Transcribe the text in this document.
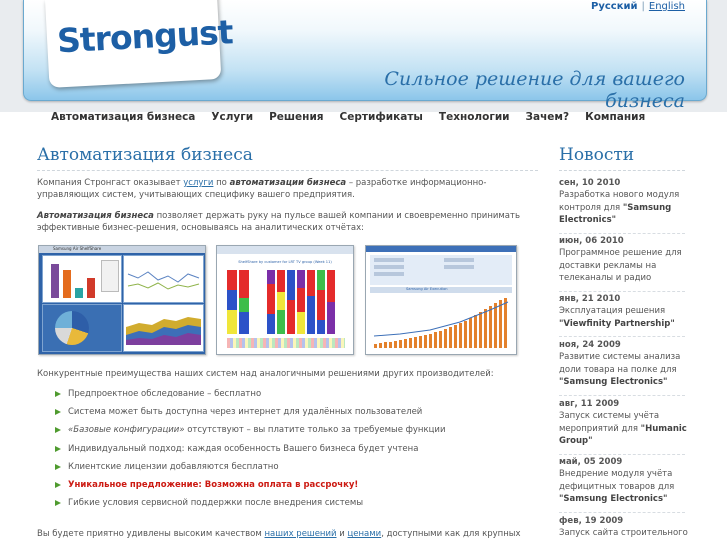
Strongust
Сильное решение для вашего бизнеса
Русский | English
Автоматизация бизнеса	Услуги	Решения	Сертификаты	Технологии	Зачем?	Компания
Автоматизация бизнеса
Компания Стронгаст оказывает услуги по автоматизации бизнеса – разработке информационно-управляющих систем, учитывающих специфику вашего предприятия.
Автоматизация бизнеса позволяет держать руку на пульсе вашей компании и своевременно принимать эффективные бизнес-решения, основываясь на аналитических отчётах:
Samsung Air ShelfShare
ShelfShare by customer for LRT TV group (Week 11)
Samsung Air Execution
Конкурентные преимущества наших систем над аналогичными решениями других производителей:
Предпроектное обследование – бесплатно
Система может быть доступна через интернет для удалённых пользователей
«Базовые конфигурации» отсутствуют – вы платите только за требуемые функции
Индивидуальный подход: каждая особенность Вашего бизнеса будет учтена
Клиентские лицензии добавляются бесплатно
Уникальное предложение: Возможна оплата в рассрочку!
Гибкие условия сервисной поддержки после внедрения системы
Вы будете приятно удивлены высоким качеством наших решений и ценами, доступными как для крупных
Новости
сен, 10 2010
Разработка нового модуля контроля для "Samsung Electronics"
июн, 06 2010
Программное решение для доставки рекламы на телеканалы и радио
янв, 21 2010
Эксплуатация решения "Viewfinity Partnership"
ноя, 24 2009
Развитие системы анализа доли товара на полке для "Samsung Electronics"
авг, 11 2009
Запуск системы учёта мероприятий для "Humanic Group"
май, 05 2009
Внедрение модуля учёта дефицитных товаров для "Samsung Electronics"
фев, 19 2009
Запуск сайта строительного
